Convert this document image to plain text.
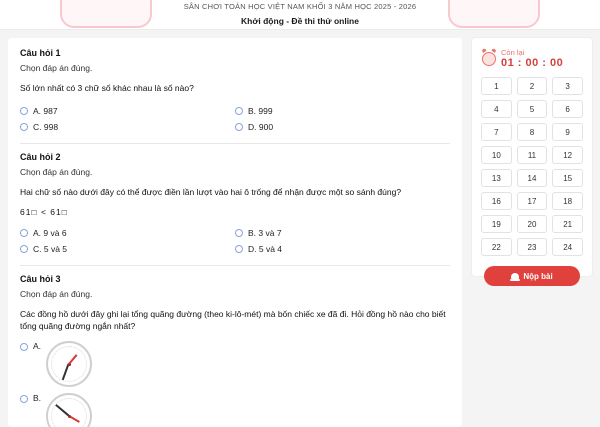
SÂN CHƠI TOÁN HỌC VIỆT NAM KHỐI 3 NĂM HỌC 2025 - 2026
Khởi động - Đề thi thử online

Câu hỏi 1

Chọn đáp án đúng.

Số lớn nhất có 3 chữ số khác nhau là số nào?

A. 987	B. 999
C. 998	D. 900

Câu hỏi 2

Chọn đáp án đúng.

Hai chữ số nào dưới đây có thể được điền lần lượt vào hai ô trống để nhận được một so sánh đúng?

61□ < 61□

A. 9 và 6	B. 3 và 7
C. 5 và 5	D. 5 và 4

Câu hỏi 3

Chọn đáp án đúng.

Các đồng hồ dưới đây ghi lại tổng quãng đường (theo ki-lô-mét) mà bốn chiếc xe đã đi. Hỏi đồng hồ nào cho biết tổng quãng đường ngắn nhất?

A.
B.
Còn lại
01 : 00 : 00
1	2	3
4	5	6
7	8	9
10	11	12
13	14	15
16	17	18
19	20	21
22	23	24
Nộp bài
